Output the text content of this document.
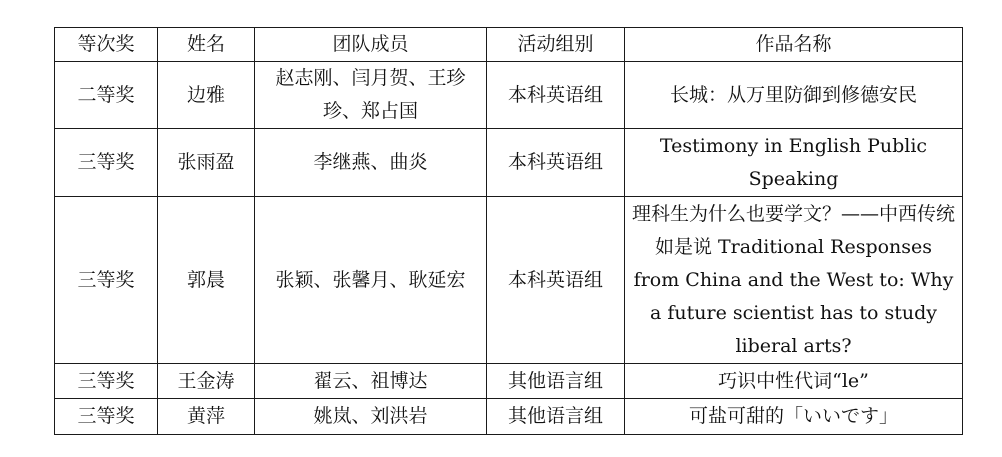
等次奖	姓名	团队成员	活动组别	作品名称
二等奖	边雅	赵志刚、闫月贺、王珍珍、郑占国	本科英语组	长城：从万里防御到修德安民
三等奖	张雨盈	李继燕、曲炎	本科英语组	Testimony in English Public Speaking
三等奖	郭晨	张颖、张馨月、耿延宏	本科英语组	理科生为什么也要学文？——中西传统如是说 Traditional Responses from China and the West to: Why a future scientist has to study liberal arts?
三等奖	王金涛	翟云、祖博达	其他语言组	巧识中性代词“le”
三等奖	黄萍	姚岚、刘洪岩	其他语言组	可盐可甜的「いいです」
